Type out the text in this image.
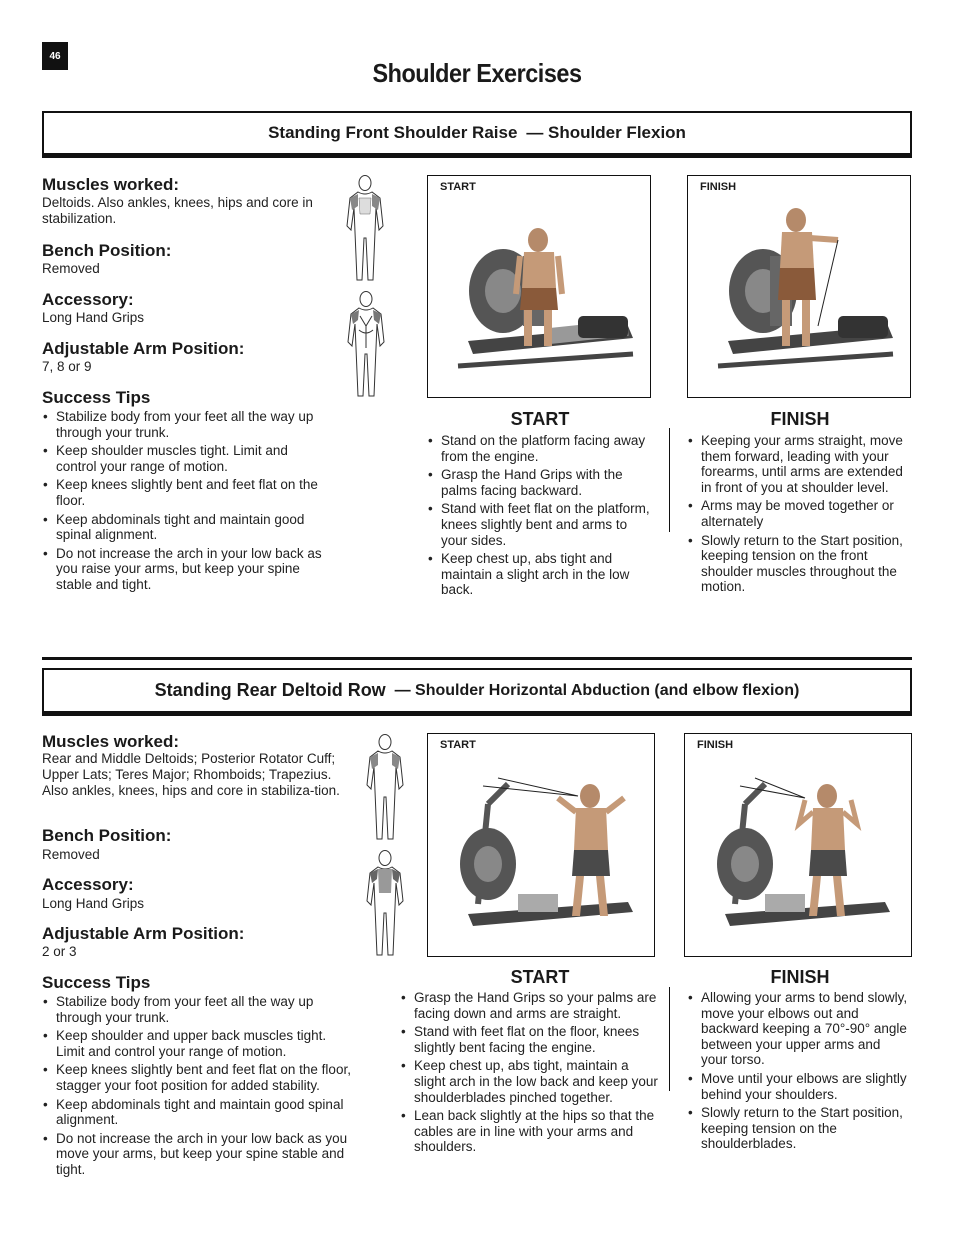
46
Shoulder Exercises
Standing Front Shoulder Raise
— Shoulder Flexion
Muscles worked:
Deltoids. Also ankles, knees, hips and core in stabilization.
Bench Position:
Removed
Accessory:
Long Hand Grips
Adjustable Arm Position:
7, 8 or 9
Success Tips
• Stabilize body from your feet all the way up through your trunk.
• Keep shoulder muscles tight. Limit and control your range of motion.
• Keep knees slightly bent and feet flat on the floor.
• Keep abdominals tight and maintain good spinal alignment.
• Do not increase the arch in your low back as you raise your arms, but keep your spine stable and tight.
START	FINISH
START	FINISH
• Stand on the platform facing away from the engine.
• Grasp the Hand Grips with the palms facing backward.
• Stand with feet flat on the platform, knees slightly bent and arms to your sides.
• Keep chest up, abs tight and maintain a slight arch in the low back.
• Keeping your arms straight, move them forward, leading with your forearms, until arms are extended in front of you at shoulder level.
• Arms may be moved together or alternately
• Slowly return to the Start position, keeping tension on the front shoulder muscles throughout the motion.
Standing Rear Deltoid Row
— Shoulder Horizontal Abduction (and elbow flexion)
Muscles worked:
Rear and Middle Deltoids; Posterior Rotator Cuff; Upper Lats; Teres Major; Rhomboids; Trapezius. Also ankles, knees, hips and core in stabiliza-tion.
Bench Position:
Removed
Accessory:
Long Hand Grips
Adjustable Arm Position:
2 or 3
Success Tips
• Stabilize body from your feet all the way up through your trunk.
• Keep shoulder and upper back muscles tight. Limit and control your range of motion.
• Keep knees slightly bent and feet flat on the floor, stagger your foot position for added stability.
• Keep abdominals tight and maintain good spinal alignment.
• Do not increase the arch in your low back as you move your arms, but keep your spine stable and tight.
START	FINISH
START	FINISH
• Grasp the Hand Grips so your palms are facing down and arms are straight.
• Stand with feet flat on the floor, knees slightly bent facing the engine.
• Keep chest up, abs tight, maintain a slight arch in the low back and keep your shoulderblades pinched together.
• Lean back slightly at the hips so that the cables are in line with your arms and shoulders.
• Allowing your arms to bend slowly, move your elbows out and backward keeping a 70°-90° angle between your upper arms and your torso.
• Move until your elbows are slightly behind your shoulders.
• Slowly return to the Start position, keeping tension on the shoulderblades.
